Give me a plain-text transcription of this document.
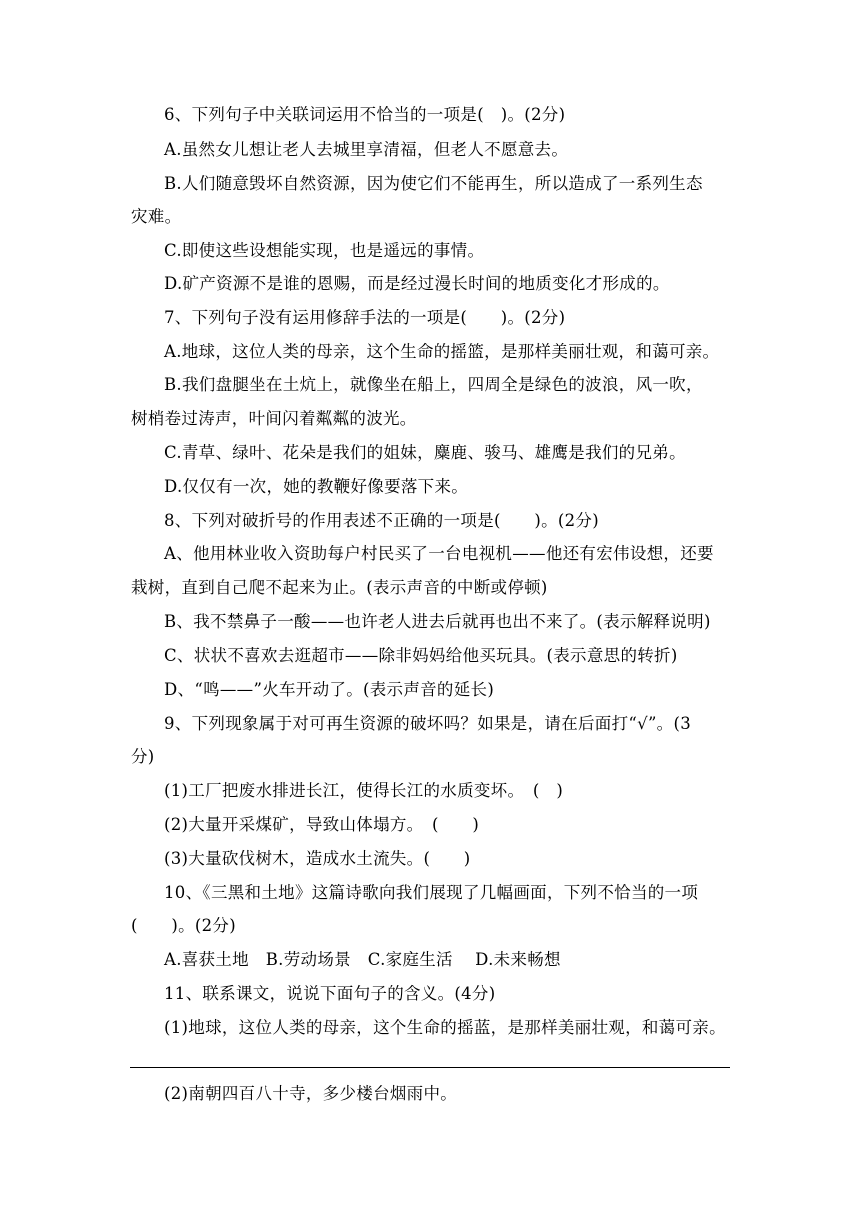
6、下列句子中关联词运用不恰当的一项是(　)。(2分)
A.虽然女儿想让老人去城里享清福，但老人不愿意去。
B.人们随意毁坏自然资源，因为使它们不能再生，所以造成了一系列生态
灾难。
C.即使这些设想能实现，也是遥远的事情。
D.矿产资源不是谁的恩赐，而是经过漫长时间的地质变化才形成的。
7、下列句子没有运用修辞手法的一项是(　　)。(2分)
A.地球，这位人类的母亲，这个生命的摇篮，是那样美丽壮观，和蔼可亲。
B.我们盘腿坐在土炕上，就像坐在船上，四周全是绿色的波浪，风一吹，
树梢卷过涛声，叶间闪着粼粼的波光。
C.青草、绿叶、花朵是我们的姐妹，麋鹿、骏马、雄鹰是我们的兄弟。
D.仅仅有一次，她的教鞭好像要落下来。
8、下列对破折号的作用表述不正确的一项是(　　)。(2分)
A、他用林业收入资助每户村民买了一台电视机——他还有宏伟设想，还要
栽树，直到自己爬不起来为止。(表示声音的中断或停顿)
B、我不禁鼻子一酸——也许老人进去后就再也出不来了。(表示解释说明)
C、状状不喜欢去逛超市——除非妈妈给他买玩具。(表示意思的转折)
D、“鸣——”火车开动了。(表示声音的延长)
9、下列现象属于对可再生资源的破坏吗？如果是，请在后面打“√”。(3
分)
(1)工厂把废水排进长江，使得长江的水质变坏。　(　)
(2)大量开采煤矿，导致山体塌方。　(　　)
(3)大量砍伐树木，造成水土流失。(　　)
10、《三黑和土地》这篇诗歌向我们展现了几幅画面，下列不恰当的一项
(　　)。(2分)
A.喜获土地　B.劳动场景　C.家庭生活　 D.未来畅想
11、联系课文，说说下面句子的含义。(4分)
(1)地球，这位人类的母亲，这个生命的摇蓝，是那样美丽壮观，和蔼可亲。
(2)南朝四百八十寺，多少楼台烟雨中。
